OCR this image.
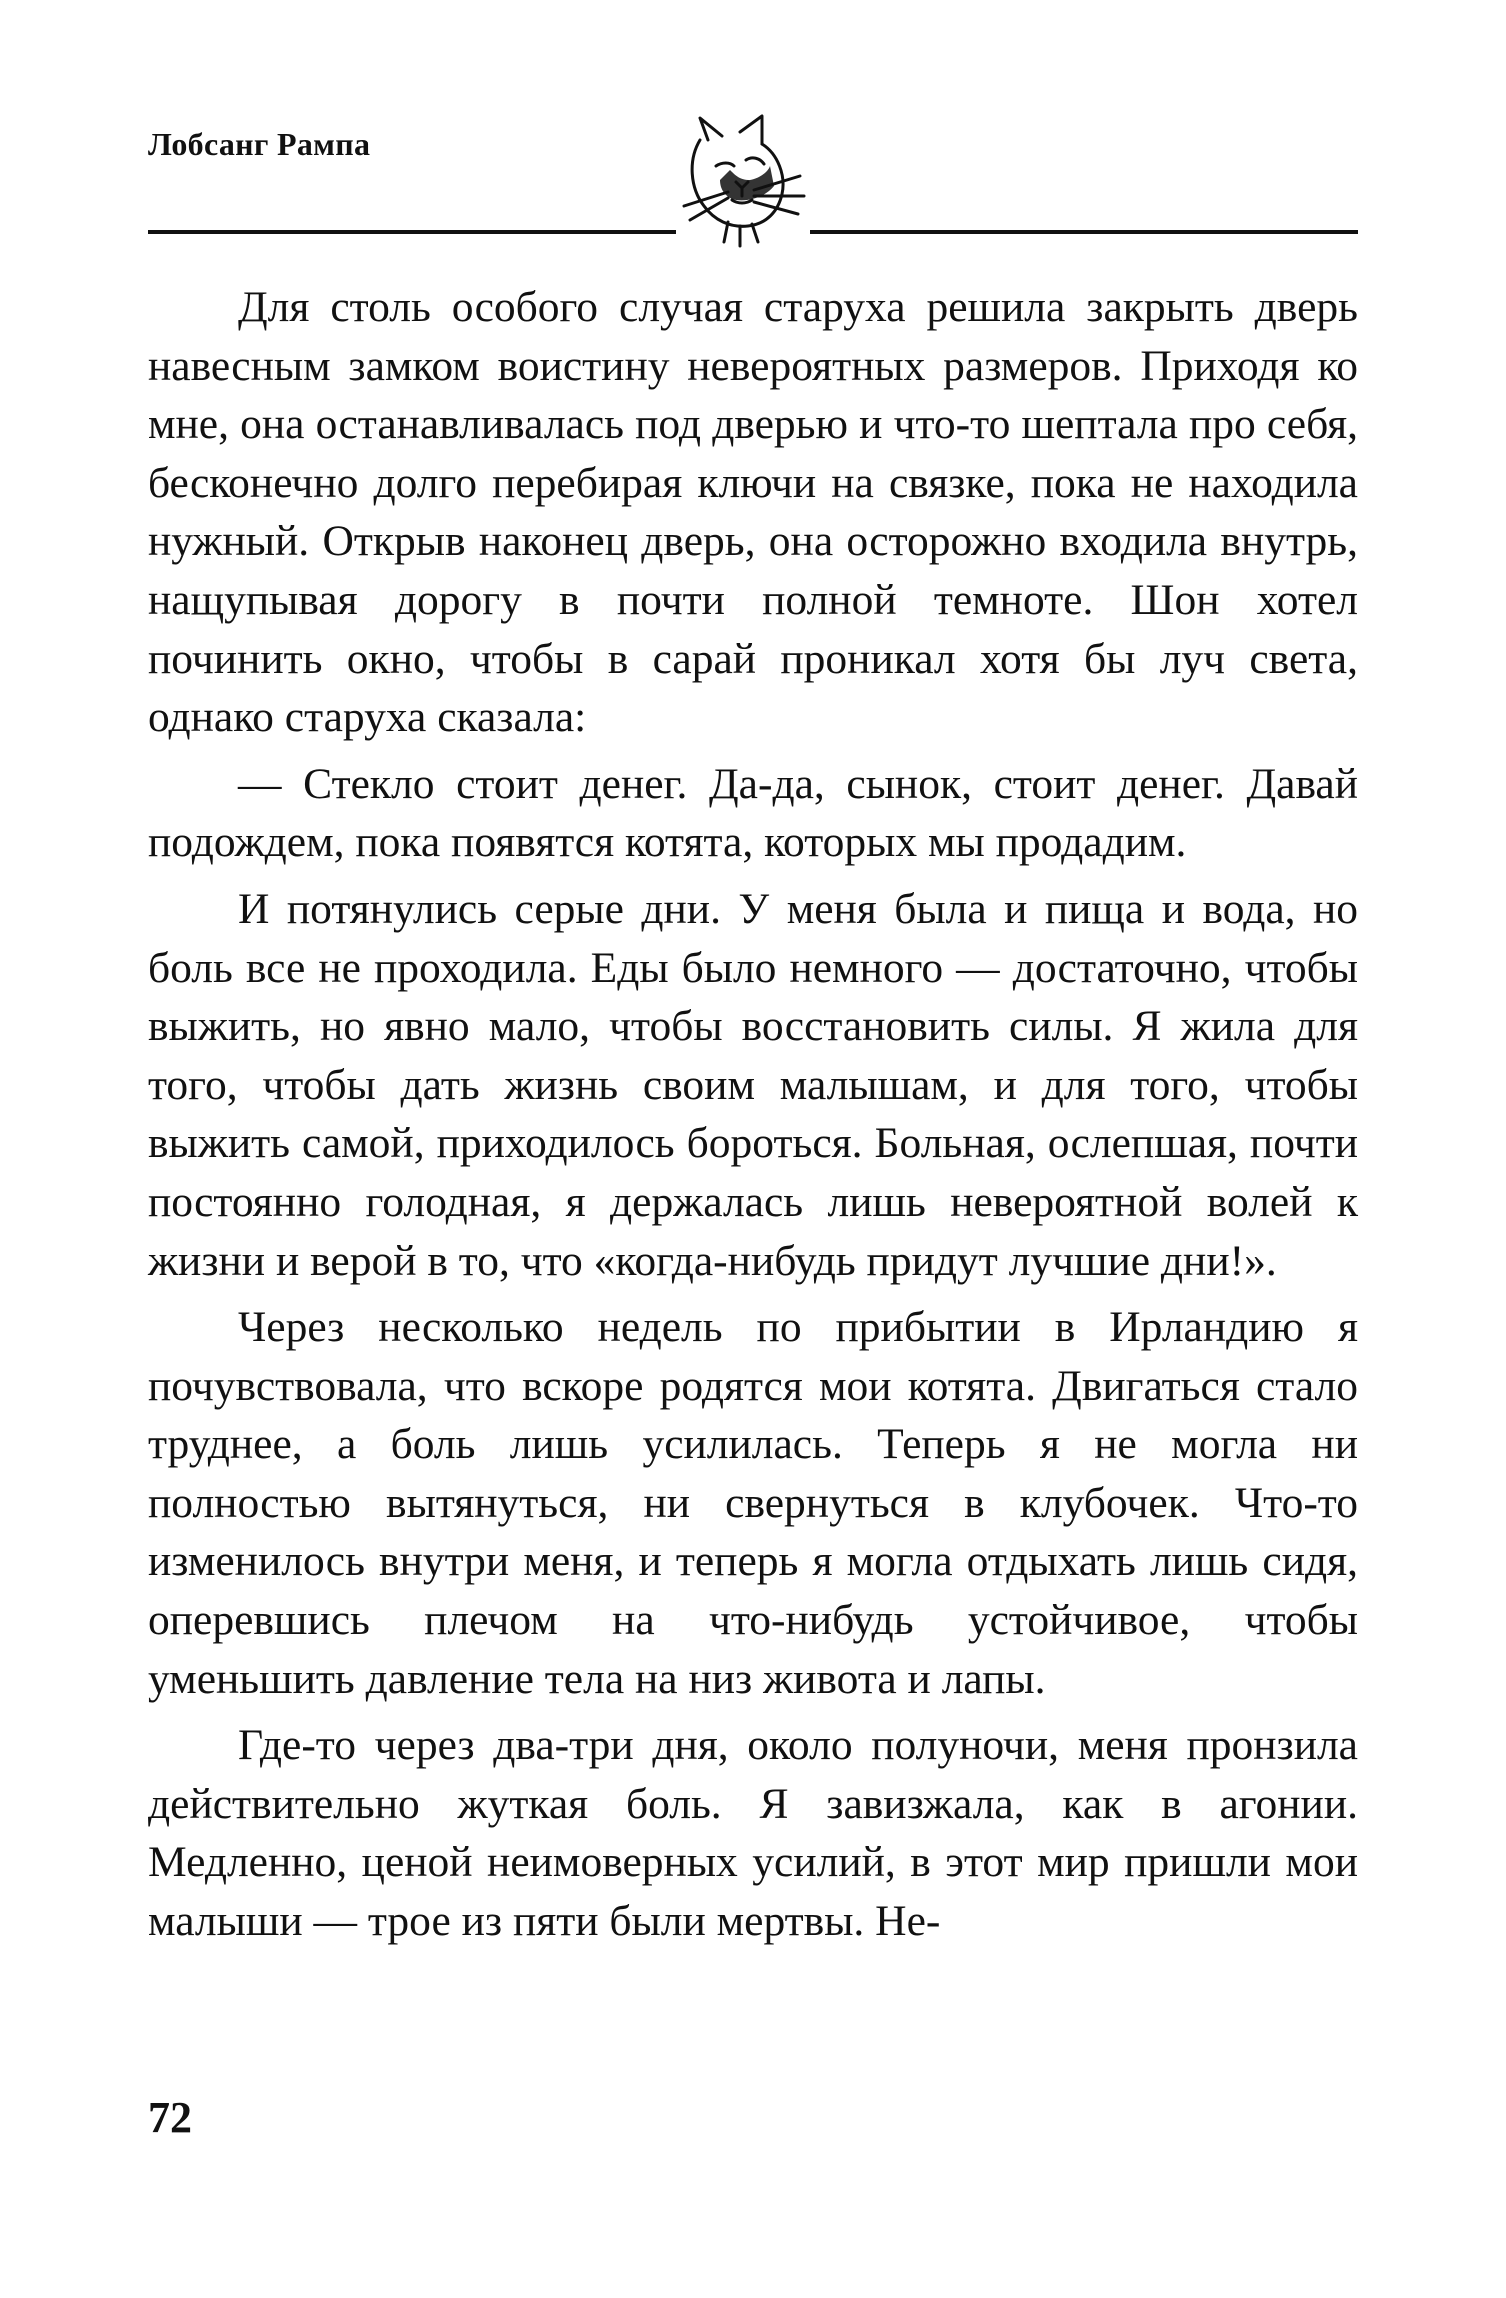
Лобсанг Рампа

Для столь особого случая старуха решила закрыть дверь навесным замком воистину невероятных размеров. Приходя ко мне, она останавливалась под дверью и что-то шептала про себя, бесконечно долго перебирая ключи на связке, пока не находила нужный. Открыв наконец дверь, она осторожно входила внутрь, нащупывая дорогу в почти полной темноте. Шон хотел починить окно, чтобы в сарай проникал хотя бы луч света, однако старуха сказала:

— Стекло стоит денег. Да-да, сынок, стоит денег. Давай подождем, пока появятся котята, которых мы продадим.

И потянулись серые дни. У меня была и пища и вода, но боль все не проходила. Еды было немного — достаточно, чтобы выжить, но явно мало, чтобы восстановить силы. Я жила для того, чтобы дать жизнь своим малышам, и для того, чтобы выжить самой, приходилось бороться. Больная, ослепшая, почти постоянно голодная, я держалась лишь невероятной волей к жизни и верой в то, что «когда-нибудь придут лучшие дни!».

Через несколько недель по прибытии в Ирландию я почувствовала, что вскоре родятся мои котята. Двигаться стало труднее, а боль лишь усилилась. Теперь я не могла ни полностью вытянуться, ни свернуться в клубочек. Что-то изменилось внутри меня, и теперь я могла отдыхать лишь сидя, оперевшись плечом на что-нибудь устойчивое, чтобы уменьшить давление тела на низ живота и лапы.

Где-то через два-три дня, около полуночи, меня пронзила действительно жуткая боль. Я завизжала, как в агонии. Медленно, ценой неимоверных усилий, в этот мир пришли мои малыши — трое из пяти были мертвы. Не-

72
